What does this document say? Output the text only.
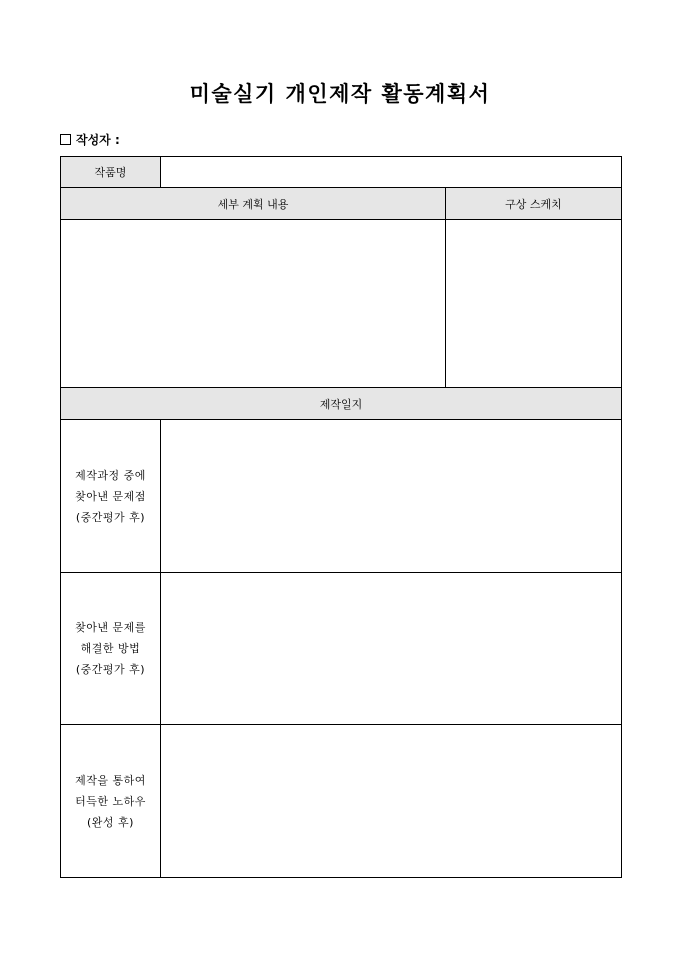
미술실기 개인제작 활동계획서
작성자 :
작품명		
세부 계획 내용		구상 스케치

제작일지		

제작과정 중에
찾아낸 문제점
(중간평가 후)		

찾아낸 문제를
해결한 방법
(중간평가 후)		

제작을 통하여
터득한 노하우
(완성 후)		
